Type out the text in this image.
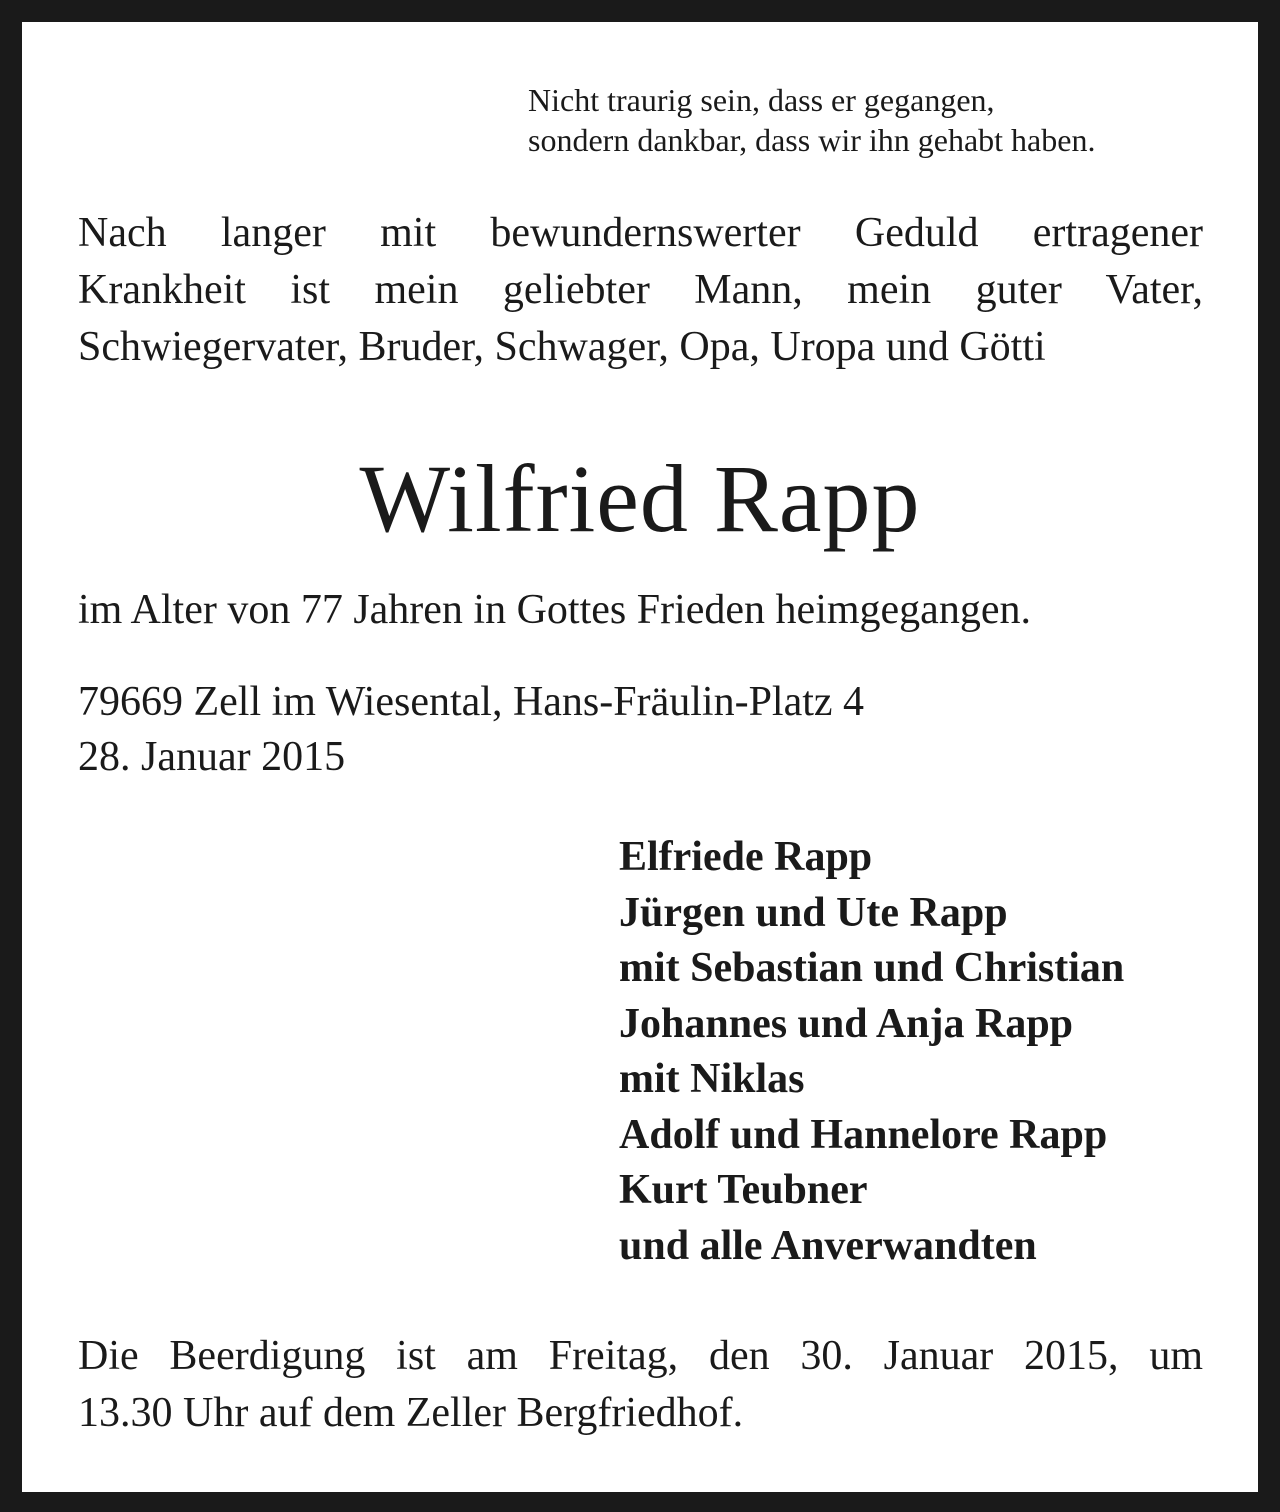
Nicht traurig sein, dass er gegangen,
sondern dankbar, dass wir ihn gehabt haben.
Nach langer mit bewundernswerter Geduld ertragener
Krankheit ist mein geliebter Mann, mein guter Vater,
Schwiegervater, Bruder, Schwager, Opa, Uropa und Götti
Wilfried Rapp
im Alter von 77 Jahren in Gottes Frieden heimgegangen.
79669 Zell im Wiesental, Hans-Fräulin-Platz 4
28. Januar 2015
Elfriede Rapp
Jürgen und Ute Rapp
mit Sebastian und Christian
Johannes und Anja Rapp
mit Niklas
Adolf und Hannelore Rapp
Kurt Teubner
und alle Anverwandten
Die Beerdigung ist am Freitag, den 30. Januar 2015, um
13.30 Uhr auf dem Zeller Bergfriedhof.
